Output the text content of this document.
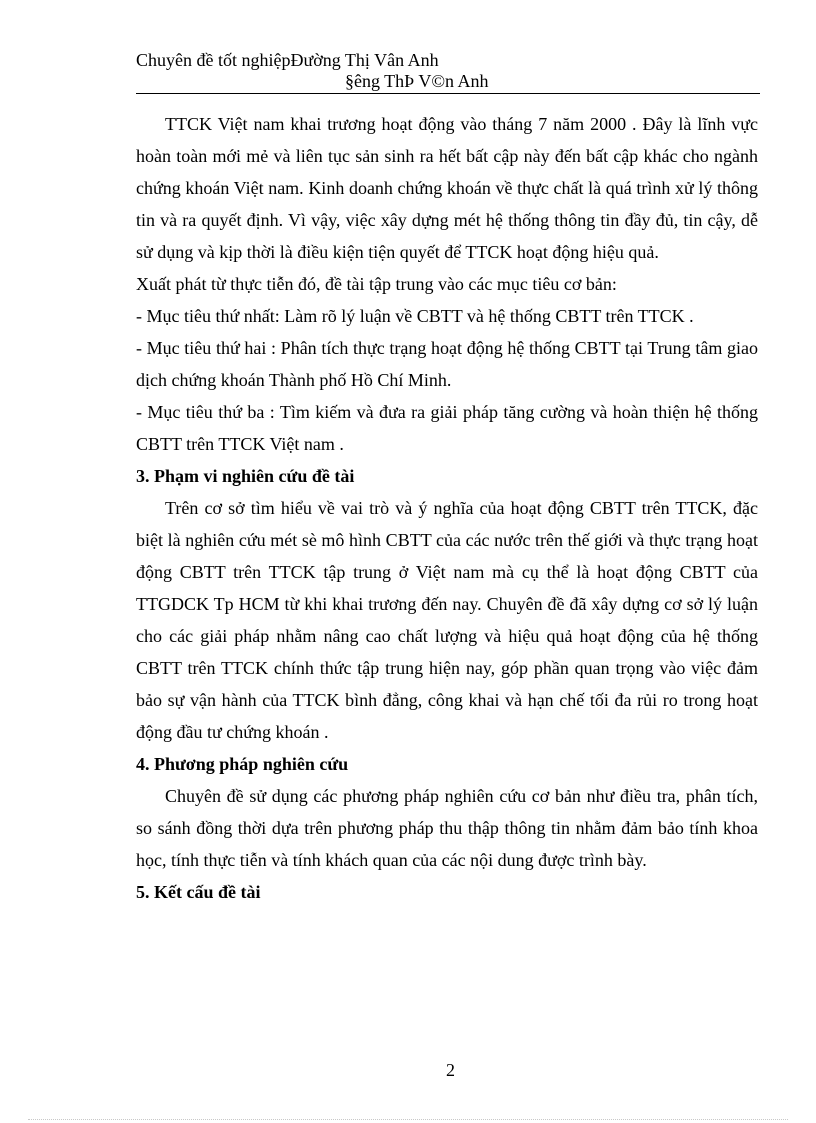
Chuyên đề tốt nghiệpĐường Thị Vân Anh
§êng ThÞ V©n Anh

TTCK Việt nam khai trương hoạt động vào tháng 7 năm 2000 . Đây là lĩnh vực hoàn toàn mới mẻ và liên tục sản sinh ra hết bất cập này đến bất cập khác cho ngành chứng khoán Việt nam. Kinh doanh chứng khoán về thực chất là quá trình xử lý thông tin và ra quyết định. Vì vậy, việc xây dựng mét hệ thống thông tin đầy đủ, tin cậy, dễ sử dụng và kịp thời là điều kiện tiện quyết để TTCK hoạt động hiệu quả.

Xuất phát từ thực tiễn đó, đề tài tập trung vào các mục tiêu cơ bản:

- Mục tiêu thứ nhất: Làm rõ lý luận về CBTT và hệ thống CBTT trên TTCK .

- Mục tiêu thứ hai : Phân tích thực trạng hoạt động hệ thống CBTT tại Trung tâm giao dịch chứng khoán Thành phố Hồ Chí Minh.

- Mục tiêu thứ ba : Tìm kiếm và đưa ra giải pháp tăng cường và hoàn thiện hệ thống CBTT trên TTCK Việt nam .

3. Phạm vi nghiên cứu đề tài

Trên cơ sở tìm hiểu về vai trò và ý nghĩa của hoạt động CBTT trên TTCK, đặc biệt là nghiên cứu mét sè mô hình CBTT của các nước trên thế giới và thực trạng hoạt động CBTT trên TTCK tập trung ở Việt nam mà cụ thể là hoạt động CBTT của TTGDCK Tp HCM từ khi khai trương đến nay. Chuyên đề đã xây dựng cơ sở lý luận cho các giải pháp nhằm nâng cao chất lượng và hiệu quả hoạt động của hệ thống CBTT trên TTCK chính thức tập trung hiện nay, góp phần quan trọng vào việc đảm bảo sự vận hành của TTCK bình đẳng, công khai và hạn chế tối đa rủi ro trong hoạt động đầu tư chứng khoán .

4. Phương pháp nghiên cứu

Chuyên đề sử dụng các phương pháp nghiên cứu cơ bản như điều tra, phân tích, so sánh đồng thời dựa trên phương pháp thu thập thông tin nhằm đảm bảo tính khoa học, tính thực tiễn và tính khách quan của các nội dung được trình bày.

5. Kết cấu đề tài
2
